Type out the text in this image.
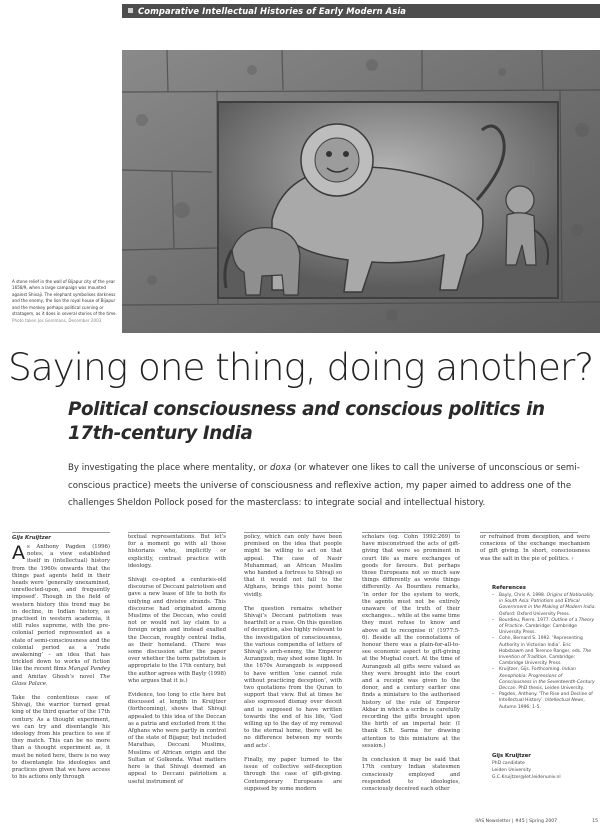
Comparative Intellectual Histories of Early Modern Asia
A stone relief in the wall of Bijapur city of the year 1658/9, when a large campaign was mounted against Shivaji. The elephant symbolises darkness and the enemy, the lion the royal house of Bijapur and the monkey perhaps political cunning or stratagem, as it does in several stories of the time.
Photo taken Jos Gommans, December 2003
Saying one thing, doing another?
Political consciousness and conscious politics in 17th-century India
By investigating the place where mentality, or doxa (or whatever one likes to call the universe of unconscious or semi-conscious practice) meets the universe of consciousness and reflexive action, my paper aimed to address one of the challenges Sheldon Pollock posed for the masterclass: to integrate social and intellectual history.
Gijs Kruijtzer

As Anthony Pagden (1996) notes, a view established itself in (intellectual) history from the 1960s onwards that the things past agents held in their heads were ‘generally unexamined, unreflected-upon, and frequently imposed’. Though in the field of western history this trend may be in decline, in Indian history, as practised in western academia, it still rules supreme, with the pre-colonial period represented as a state of semi-consciousness and the colonial period as a ‘rude awakening’ – an idea that has trickled down to works of fiction like the recent films Mangal Pandey and Amitav Ghosh’s novel The Glass Palace.

Take the contentious case of Shivaji, the warrior turned great king of the third quarter of the 17th century. As a thought experiment, we can try and disentangle his ideology from his practice to see if they match. This can be no more than a thought experiment as, it must be noted here, there is no way to disentangle his ideologies and practices given that we have access to his actions only through

textual representations. But let’s for a moment go with all those historians who, implicitly or explicitly, contrast practice with ideology.

Shivaji co-opted a centuries-old discourse of Deccani patriotism and gave a new lease of life to both its unifying and divisive strands. This discourse had originated among Muslims of the Deccan, who could not or would not lay claim to a foreign origin and instead exalted the Deccan, roughly central India, as their homeland. (There was some discussion after the paper over whether the term patriotism is appropriate to the 17th century, but the author agrees with Bayly (1998) who argues that it is.)

Evidence, too long to cite here but discussed at length in Kruijtzer (forthcoming), shows that Shivaji appealed to this idea of the Deccan as a patria and excluded from it the Afghans who were partly in control of the state of Bijapur, but included Marathas, Deccani Muslims, Muslims of African origin and the Sultan of Golkonda. What matters here is that Shivaji deemed an appeal to Deccani patriotism a useful instrument of

policy, which can only have been premised on the idea that people might be willing to act on that appeal. The case of Nasir Muhammad, an African Muslim who handed a fortress to Shivaji so that it would not fall to the Afghans, brings this point home vividly.

The question remains whether Shivaji’s Deccani patriotism was heartfelt or a ruse. On this question of deception, also highly relevant to the investigation of consciousness, the various compendia of letters of Shivaji’s arch-enemy, the Emperor Aurangzeb, may shed some light. In the 1670s Aurangzeb is supposed to have written ‘one cannot rule without practicing deception’, with two quotations from the Quran to support that view. But at times he also expressed dismay over deceit and is supposed to have written towards the end of his life, ‘God willing up to the day of my removal to the eternal home, there will be no difference between my words and acts’.

Finally, my paper turned to the issue of collective self-deception through the case of gift-giving. Contemporary Europeans are supposed by some modern

scholars (eg. Cohn 1992:269) to have misconstrued the acts of gift-giving that were so prominent in court life as mere exchanges of goods for favours. But perhaps those Europeans not so much saw things differently as wrote things differently. As Bourdieu remarks, ‘in order for the system to work, the agents must not be entirely unaware of the truth of their exchanges... while at the same time they must refuse to know and above all to recognise it’ (1977:5-6). Beside all the connotations of honour there was a plain-for-all-to-see economic aspect to gift-giving at the Mughal court. At the time of Aurangzeb all gifts were valued as they were brought into the court and a receipt was given to the donor, and a century earlier one finds a miniature to the authorised history of the rule of Emperor Akbar in which a scribe is carefully recording the gifts brought upon the birth of an imperial heir. (I thank S.R. Sarma for drawing attention to this miniature at the session.)

In conclusion it may be said that 17th century Indian statesmen consciously employed and responded to ideologies, consciously deceived each other

or refrained from deception, and were conscious of the exchange mechanism of gift giving. In short, consciousness was the salt in the pie of politics. ‹

References
– Bayly, Chris A. 1998. Origins of Nationality in South Asia: Patriotism and Ethical Government in the Making of Modern India. Oxford: Oxford University Press.
– Bourdieu, Pierre. 1977. Outline of a Theory of Practice. Cambridge: Cambridge University Press.
– Cohn, Bernard S. 1992. ‘Representing Authority in Victorian India’. Eric Hobsbawm and Terence Ranger, eds. The Invention of Tradition. Cambridge: Cambridge University Press.
– Kruijtzer, Gijs. Forthcoming. Indian Xenophobia: Progressions of Consciousness in the Seventeenth-Century Deccan. PhD thesis, Leiden University.
– Pagden, Anthony. ‘The Rise and Decline of Intellectual History’. Intellectual News, Autumn 1996: 1-5.
Gijs Kruijtzer
PhD candidate
Leiden University
G.C.Kruijtzer@let.leidenuniv.nl
IIAS Newsletter | #45 | Spring 2007	15
